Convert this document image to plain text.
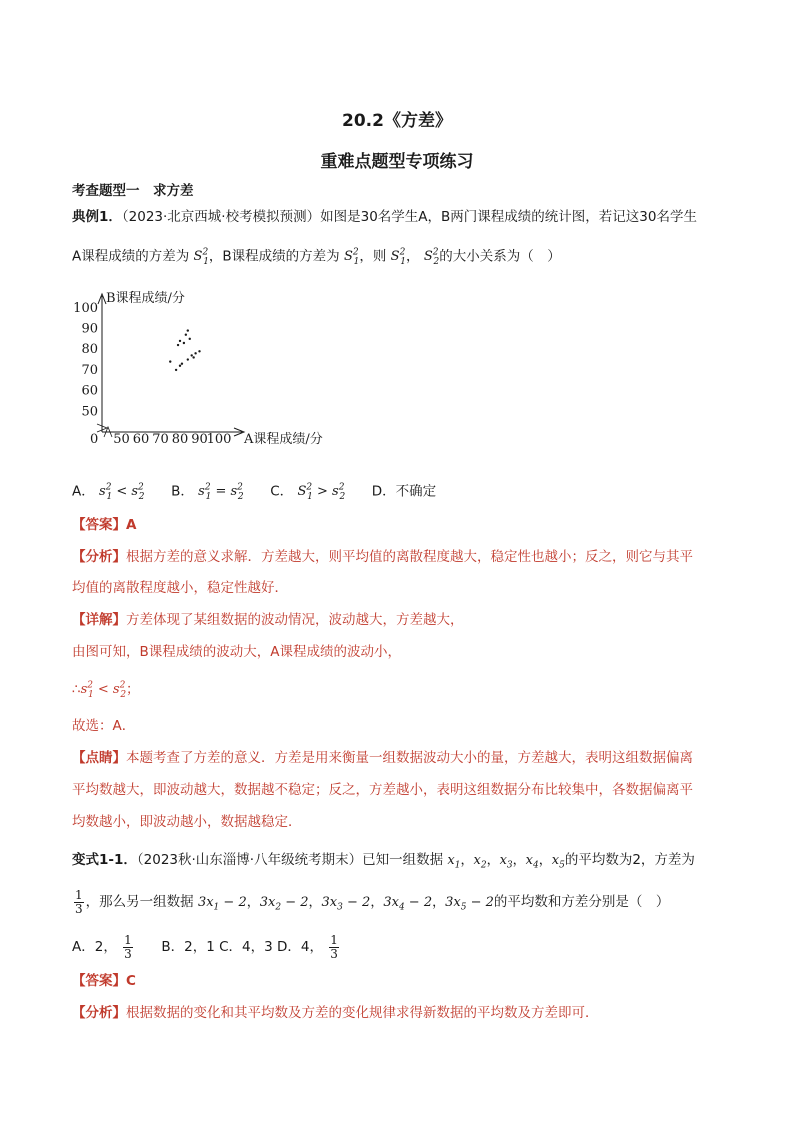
20.2《方差》
重难点题型专项练习
考查题型一　求方差
典例1．（2023·北京西城·校考模拟预测）如图是30名学生A，B两门课程成绩的统计图，若记这30名学生
A课程成绩的方差为 $S^2_1$，B课程成绩的方差为 $S^2_1$，则 $S^2_1$， $S^2_2$的大小关系为（　）
0
50
60
70
80
90
100
50 60 70 80 90
100
B课程成绩/分
A课程成绩/分
A． $s^2_1 < s^2_2$ B． $s^2_1 = s^2_2$ C． $S^2_1 > s^2_2$ D．不确定
【答案】A
【分析】根据方差的意义求解．方差越大，则平均值的离散程度越大，稳定性也越小；反之，则它与其平
均值的离散程度越小，稳定性越好．
【详解】方差体现了某组数据的波动情况，波动越大，方差越大，
由图可知，B课程成绩的波动大，A课程成绩的波动小，
$\therefore s^2_1 < s^2_2$；
故选：A．
【点睛】本题考查了方差的意义．方差是用来衡量一组数据波动大小的量，方差越大，表明这组数据偏离
平均数越大，即波动越大，数据越不稳定；反之，方差越小，表明这组数据分布比较集中，各数据偏离平
均数越小，即波动越小，数据越稳定．
变式1-1．（2023秋·山东淄博·八年级统考期末）已知一组数据 $x_1$，$x_2$，$x_3$，$x_4$，$x_5$的平均数为2，方差为
$\frac{1}{3}$ ，那么另一组数据 $3x_1 - 2$，$3x_2 - 2$，$3x_3 - 2$，$3x_4 - 2$，$3x_5 - 2$的平均数和方差分别是（　）
A．2， $\frac{1}{3}$ B．2，1 C．4，3 D．4， $\frac{1}{3}$
【答案】C
【分析】根据数据的变化和其平均数及方差的变化规律求得新数据的平均数及方差即可．
